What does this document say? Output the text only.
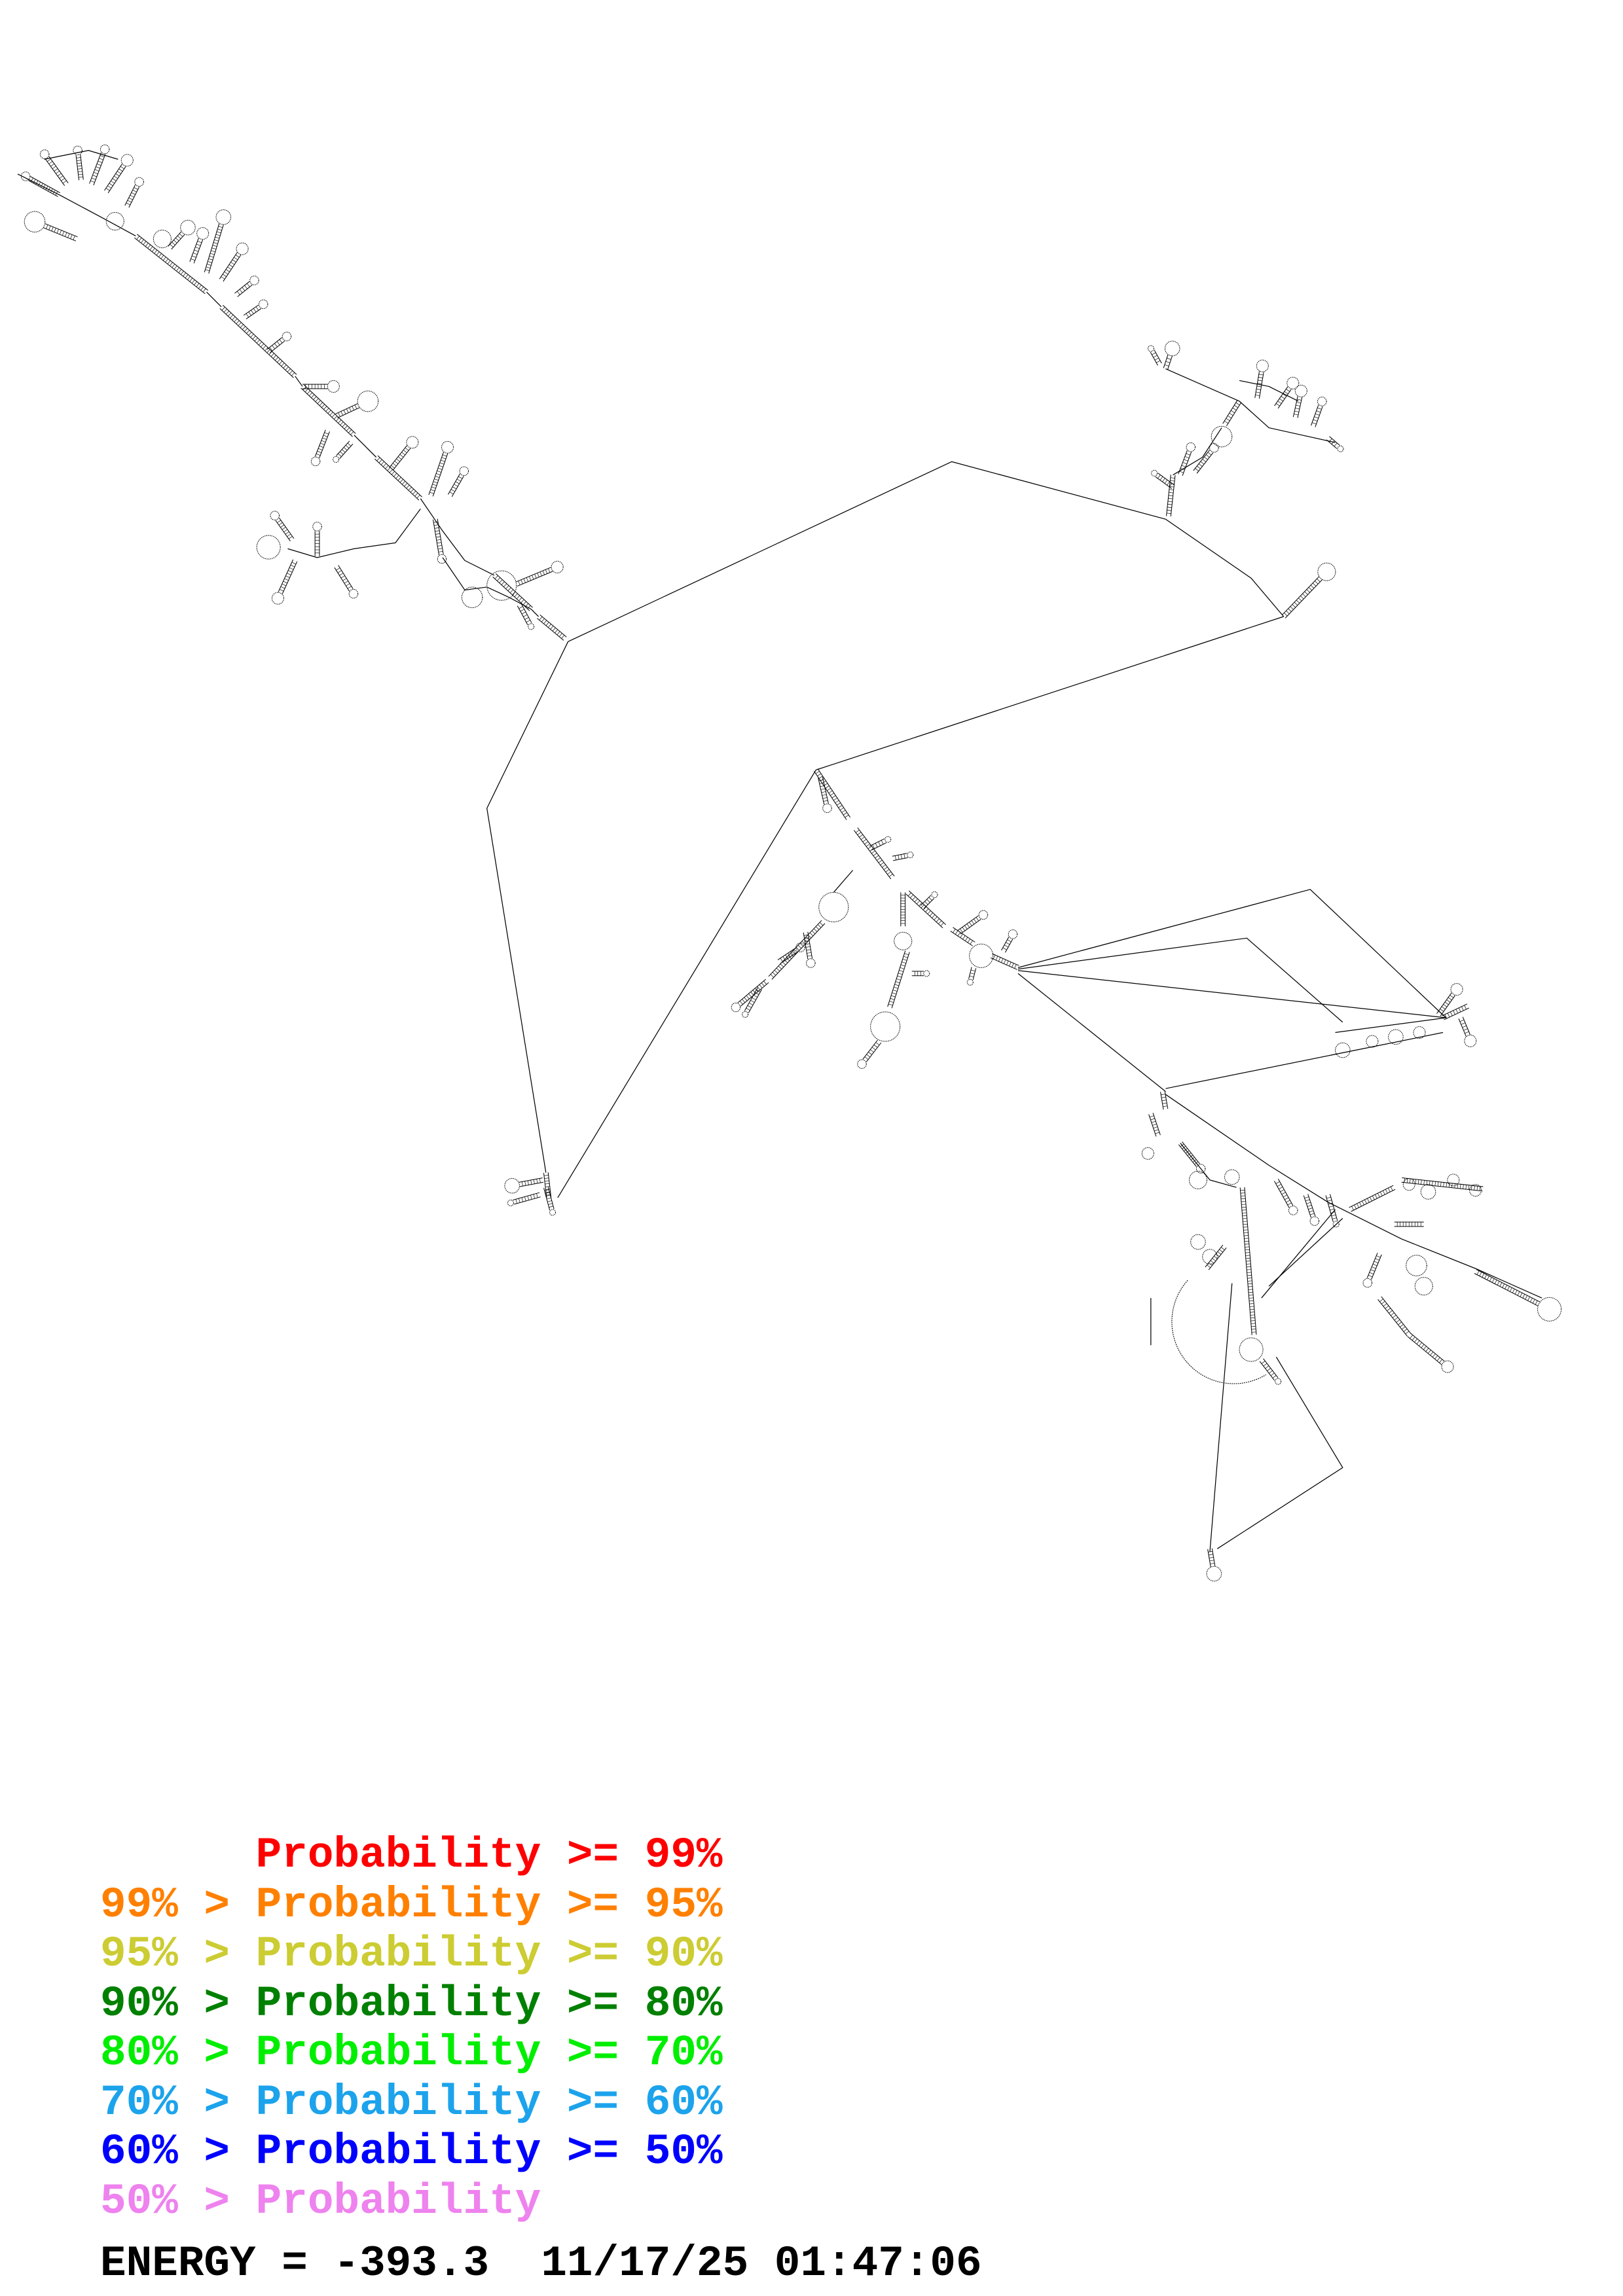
Probability >= 99%
99% > Probability >= 95%
95% > Probability >= 90%
90% > Probability >= 80%
80% > Probability >= 70%
70% > Probability >= 60%
60% > Probability >= 50%
50% > Probability
ENERGY = -393.3 11/17/25 01:47:06
